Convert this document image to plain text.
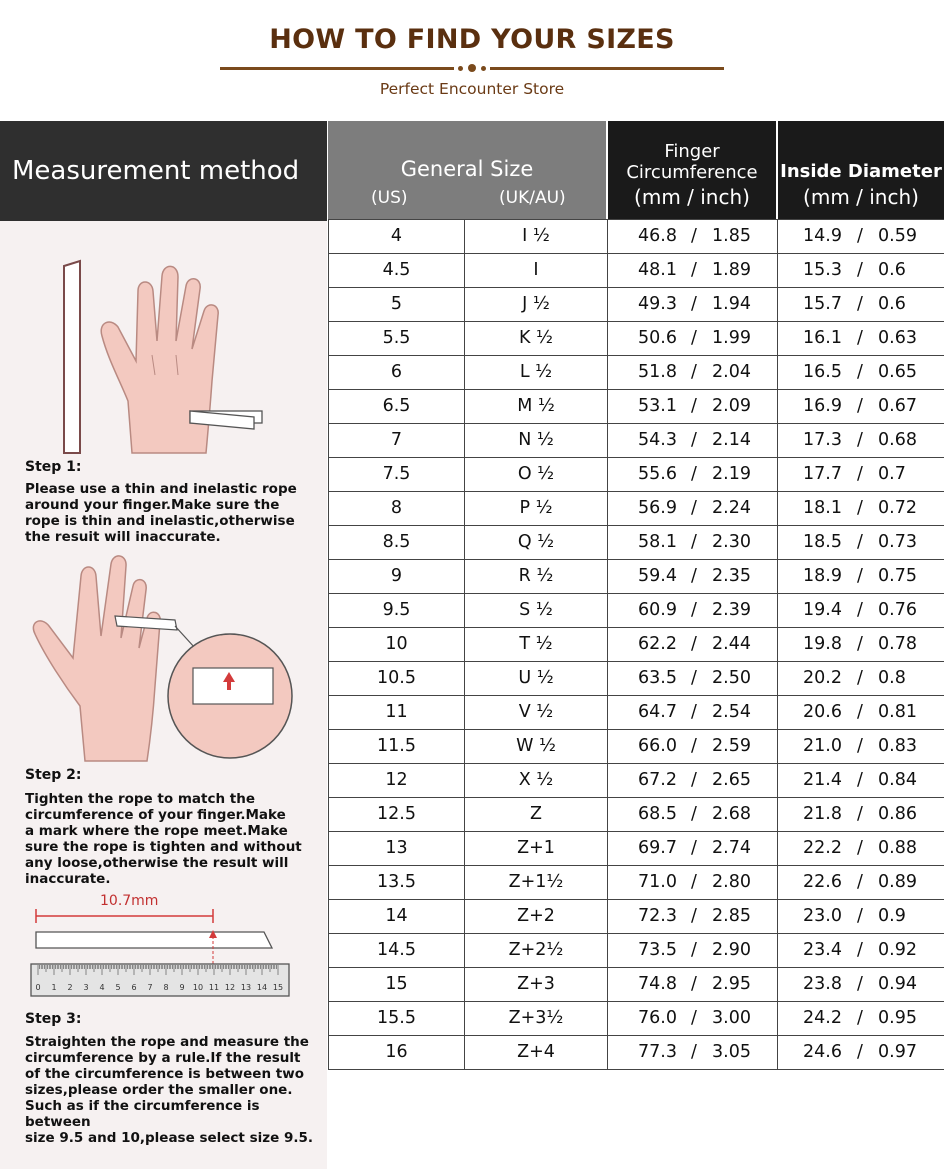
HOW TO FIND YOUR SIZES
Perfect Encounter Store
Measurement method
Step 1:
Please use a thin and inelastic rope
around your finger.Make sure the
rope is thin and inelastic,otherwise
the resuit will inaccurate.
Step 2:
Tighten the rope to match the
circumference of your finger.Make
a mark where the rope meet.Make
sure the rope is tighten and without
any loose,otherwise the result will
inaccurate.
10.7mm
0 1 2 3 4 5 6 7 8 9 10 11 12 13 14 15
Step 3:
Straighten the rope and measure the
circumference by a rule.If the result
of the circumference is between two
sizes,please order the smaller one.
Such as if the circumference is between
size 9.5 and 10,please select size 9.5.
General Size
(US)	(UK/AU)
Finger
Circumference
(mm / inch)
Inside Diameter
(mm / inch)
4	I ½	46.8 / 1.85	14.9 / 0.59
4.5	I	48.1 / 1.89	15.3 / 0.6
5	J ½	49.3 / 1.94	15.7 / 0.6
5.5	K ½	50.6 / 1.99	16.1 / 0.63
6	L ½	51.8 / 2.04	16.5 / 0.65
6.5	M ½	53.1 / 2.09	16.9 / 0.67
7	N ½	54.3 / 2.14	17.3 / 0.68
7.5	O ½	55.6 / 2.19	17.7 / 0.7
8	P ½	56.9 / 2.24	18.1 / 0.72
8.5	Q ½	58.1 / 2.30	18.5 / 0.73
9	R ½	59.4 / 2.35	18.9 / 0.75
9.5	S ½	60.9 / 2.39	19.4 / 0.76
10	T ½	62.2 / 2.44	19.8 / 0.78
10.5	U ½	63.5 / 2.50	20.2 / 0.8
11	V ½	64.7 / 2.54	20.6 / 0.81
11.5	W ½	66.0 / 2.59	21.0 / 0.83
12	X ½	67.2 / 2.65	21.4 / 0.84
12.5	Z	68.5 / 2.68	21.8 / 0.86
13	Z+1	69.7 / 2.74	22.2 / 0.88
13.5	Z+1½	71.0 / 2.80	22.6 / 0.89
14	Z+2	72.3 / 2.85	23.0 / 0.9
14.5	Z+2½	73.5 / 2.90	23.4 / 0.92
15	Z+3	74.8 / 2.95	23.8 / 0.94
15.5	Z+3½	76.0 / 3.00	24.2 / 0.95
16	Z+4	77.3 / 3.05	24.6 / 0.97
